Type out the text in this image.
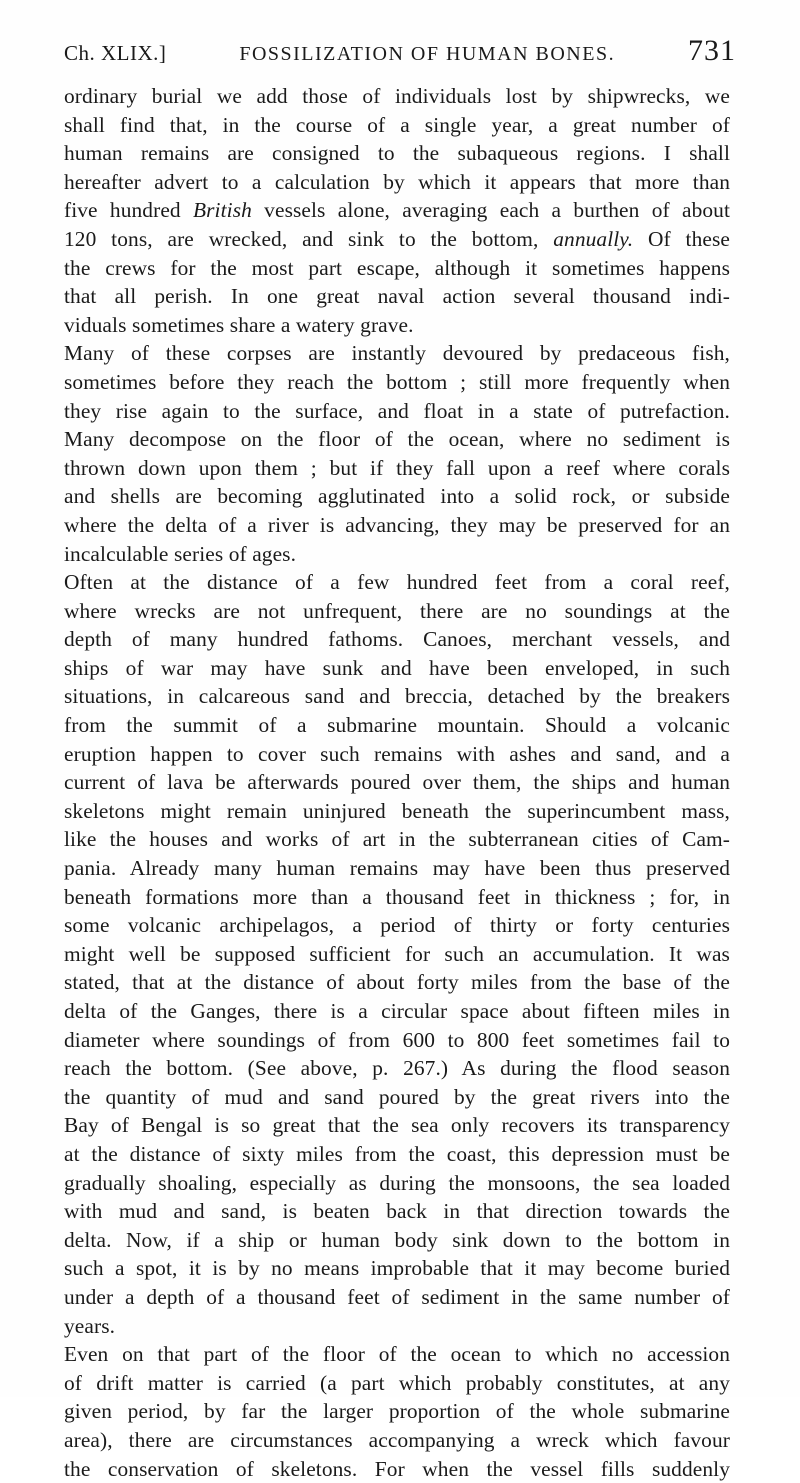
Ch. XLIX.]	FOSSILIZATION OF HUMAN BONES. 731
ordinary burial we add those of individuals lost by shipwrecks, we
shall find that, in the course of a single year, a great number of
human remains are consigned to the subaqueous regions. I shall
hereafter advert to a calculation by which it appears that more than
five hundred British vessels alone, averaging each a burthen of about
120 tons, are wrecked, and sink to the bottom, annually. Of these
the crews for the most part escape, although it sometimes happens
that all perish. In one great naval action several thousand indi-
viduals sometimes share a watery grave.
Many of these corpses are instantly devoured by predaceous fish,
sometimes before they reach the bottom ; still more frequently when
they rise again to the surface, and float in a state of putrefaction.
Many decompose on the floor of the ocean, where no sediment is
thrown down upon them ; but if they fall upon a reef where corals
and shells are becoming agglutinated into a solid rock, or subside
where the delta of a river is advancing, they may be preserved for an
incalculable series of ages.
Often at the distance of a few hundred feet from a coral reef,
where wrecks are not unfrequent, there are no soundings at the
depth of many hundred fathoms. Canoes, merchant vessels, and
ships of war may have sunk and have been enveloped, in such
situations, in calcareous sand and breccia, detached by the breakers
from the summit of a submarine mountain. Should a volcanic
eruption happen to cover such remains with ashes and sand, and a
current of lava be afterwards poured over them, the ships and human
skeletons might remain uninjured beneath the superincumbent mass,
like the houses and works of art in the subterranean cities of Cam-
pania. Already many human remains may have been thus preserved
beneath formations more than a thousand feet in thickness ; for, in
some volcanic archipelagos, a period of thirty or forty centuries
might well be supposed sufficient for such an accumulation. It was
stated, that at the distance of about forty miles from the base of the
delta of the Ganges, there is a circular space about fifteen miles in
diameter where soundings of from 600 to 800 feet sometimes fail to
reach the bottom. (See above, p. 267.) As during the flood season
the quantity of mud and sand poured by the great rivers into the
Bay of Bengal is so great that the sea only recovers its transparency
at the distance of sixty miles from the coast, this depression must be
gradually shoaling, especially as during the monsoons, the sea loaded
with mud and sand, is beaten back in that direction towards the
delta. Now, if a ship or human body sink down to the bottom in
such a spot, it is by no means improbable that it may become buried
under a depth of a thousand feet of sediment in the same number of
years.
Even on that part of the floor of the ocean to which no accession
of drift matter is carried (a part which probably constitutes, at any
given period, by far the larger proportion of the whole submarine
area), there are circumstances accompanying a wreck which favour
the conservation of skeletons. For when the vessel fills suddenly
